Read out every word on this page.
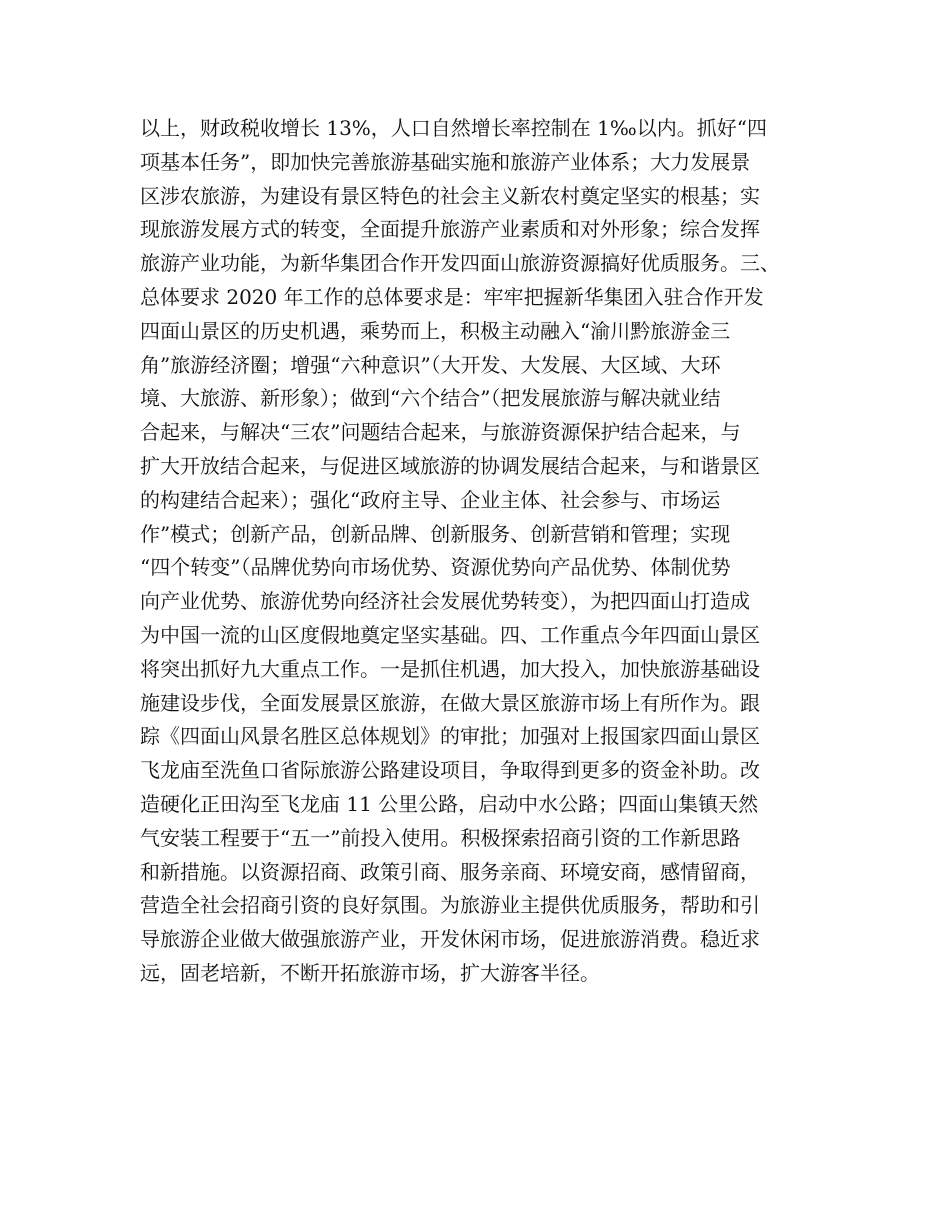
以上，财政税收增长 13%，人口自然增长率控制在 1‰以内。抓好“四
项基本任务”，即加快完善旅游基础实施和旅游产业体系；大力发展景
区涉农旅游，为建设有景区特色的社会主义新农村奠定坚实的根基；实
现旅游发展方式的转变，全面提升旅游产业素质和对外形象；综合发挥
旅游产业功能，为新华集团合作开发四面山旅游资源搞好优质服务。三、
总体要求 2020 年工作的总体要求是：牢牢把握新华集团入驻合作开发
四面山景区的历史机遇，乘势而上，积极主动融入“渝川黔旅游金三
角”旅游经济圈；增强“六种意识”（大开发、大发展、大区域、大环
境、大旅游、新形象）；做到“六个结合”（把发展旅游与解决就业结
合起来，与解决“三农”问题结合起来，与旅游资源保护结合起来，与
扩大开放结合起来，与促进区域旅游的协调发展结合起来，与和谐景区
的构建结合起来）；强化“政府主导、企业主体、社会参与、市场运
作”模式；创新产品，创新品牌、创新服务、创新营销和管理；实现
“四个转变”（品牌优势向市场优势、资源优势向产品优势、体制优势
向产业优势、旅游优势向经济社会发展优势转变），为把四面山打造成
为中国一流的山区度假地奠定坚实基础。四、工作重点今年四面山景区
将突出抓好九大重点工作。一是抓住机遇，加大投入，加快旅游基础设
施建设步伐，全面发展景区旅游，在做大景区旅游市场上有所作为。跟
踪《四面山风景名胜区总体规划》的审批；加强对上报国家四面山景区
飞龙庙至洗鱼口省际旅游公路建设项目，争取得到更多的资金补助。改
造硬化正田沟至飞龙庙 11 公里公路，启动中水公路；四面山集镇天然
气安装工程要于“五一”前投入使用。积极探索招商引资的工作新思路
和新措施。以资源招商、政策引商、服务亲商、环境安商，感情留商，
营造全社会招商引资的良好氛围。为旅游业主提供优质服务，帮助和引
导旅游企业做大做强旅游产业，开发休闲市场，促进旅游消费。稳近求
远，固老培新，不断开拓旅游市场，扩大游客半径。
